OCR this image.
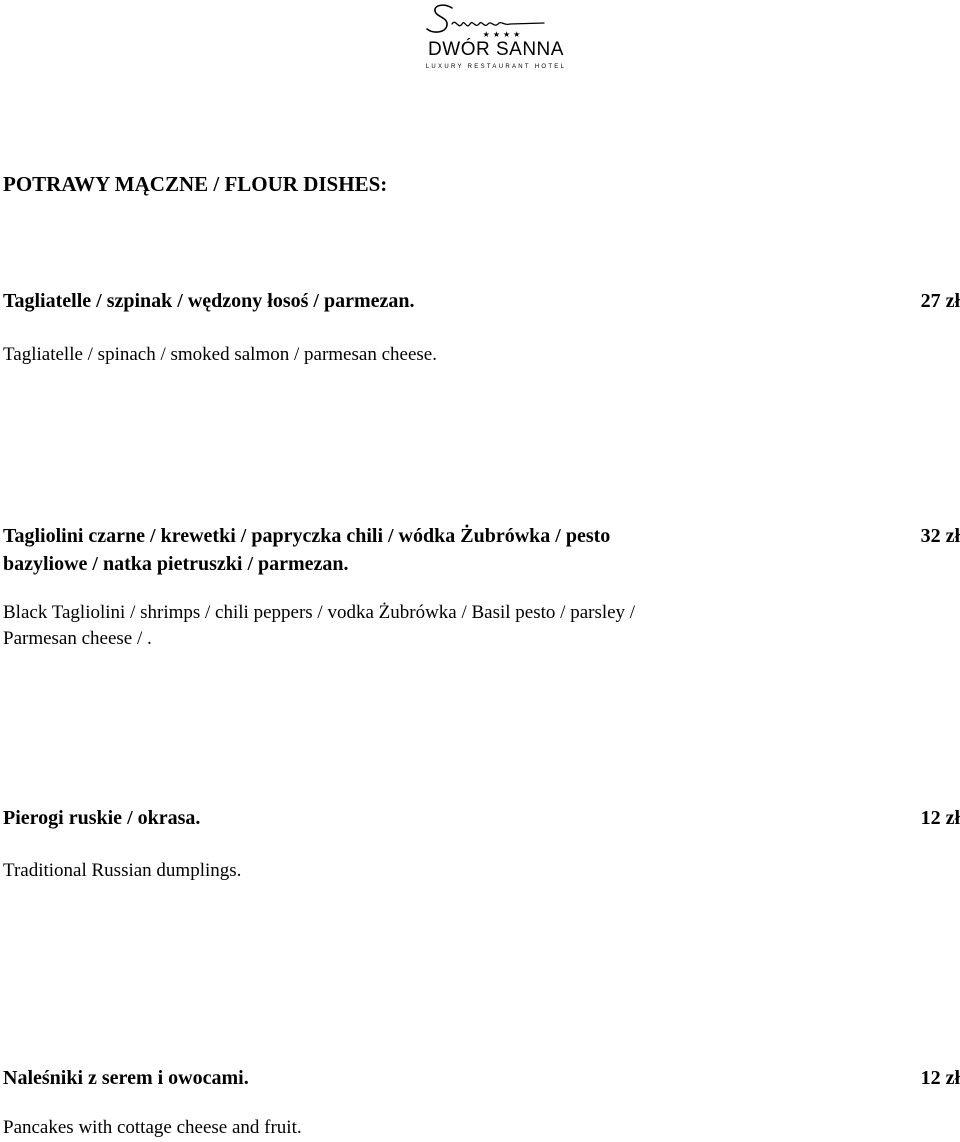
★★★★
DWÓR SANNA
LUXURY RESTAURANT HOTEL
POTRAWY MĄCZNE / FLOUR DISHES:
Tagliatelle / szpinak / wędzony łosoś / parmezan.	27 zł
Tagliatelle / spinach / smoked salmon / parmesan cheese.
Tagliolini czarne / krewetki / papryczka chili / wódka Żubrówka / pesto
bazyliowe / natka pietruszki / parmezan.
32 zł
Black Tagliolini / shrimps / chili peppers / vodka Żubrówka / Basil pesto / parsley /
Parmesan cheese / .
Pierogi ruskie / okrasa.	12 zł
Traditional Russian dumplings.
Naleśniki z serem i owocami.	12 zł
Pancakes with cottage cheese and fruit.
